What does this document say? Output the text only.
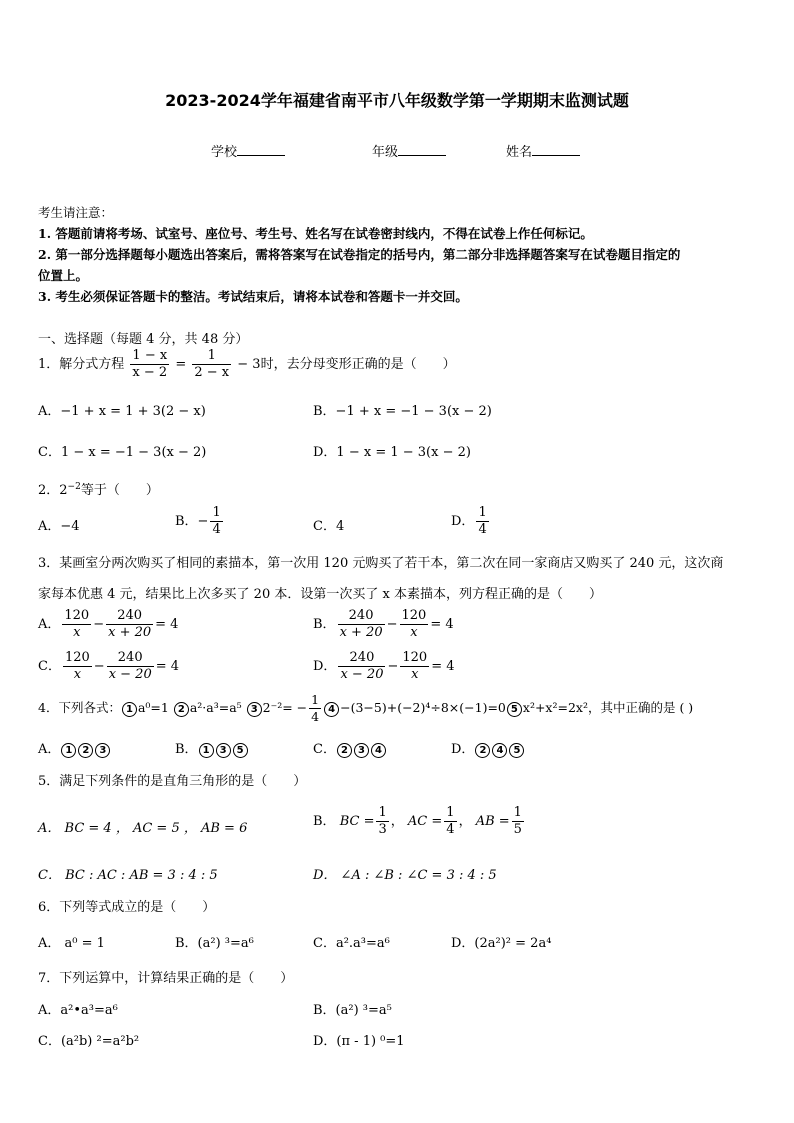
2023-2024学年福建省南平市八年级数学第一学期期末监测试题
学校	年级	姓名
考生请注意：
1. 答题前请将考场、试室号、座位号、考生号、姓名写在试卷密封线内，不得在试卷上作任何标记。
2. 第一部分选择题每小题选出答案后，需将答案写在试卷指定的括号内，第二部分非选择题答案写在试卷题目指定的
位置上。
3. 考生必须保证答题卡的整洁。考试结束后，请将本试卷和答题卡一并交回。
一、选择题（每题 4 分，共 48 分）
1．解分式方程 $\frac{1 - x}{x - 2} = \frac{1}{2 - x} - 3$时，去分母变形正确的是（　　）
A．−1 + x = 1 + 3(2 − x)	B．−1 + x = −1 − 3(x − 2)
C．1 − x = −1 − 3(x − 2)	D．1 − x = 1 − 3(x − 2)
2．$2^{-2}$等于（　　）
A．−4	B．− $\frac{1}{4}$	C．4	D． $\frac{1}{4}$
3．某画室分两次购买了相同的素描本，第一次用 120 元购买了若干本，第二次在同一家商店又购买了 240 元，这次商
家每本优惠 4 元，结果比上次多买了 20 本．设第一次买了 x 本素描本，列方程正确的是（　　）
A． $\frac{120}{x} - \frac{240}{x + 20} = 4$	B． $\frac{240}{x + 20} - \frac{120}{x} = 4$
C． $\frac{120}{x} - \frac{240}{x - 20} = 4$	D． $\frac{240}{x - 20} - \frac{120}{x} = 4$
4．下列各式： 1 a⁰=1 2 a²·a³=a⁵ 3 $2^{-2}= - \frac{1}{4} 4 -(3-5)+(-2)^4\div 8\times(-1)=0$ 5 x²+x²=2x²，其中正确的是 ( )
A． 1 2 3	B． 1 3 5	C． 2 3 4	D． 2 4 5
5．满足下列条件的是直角三角形的是（　　）
A． BC = 4 ， AC = 5 ， AB = 6	B． BC = $\frac{1}{3}$ ， AC = $\frac{1}{4}$ ， AB = $\frac{1}{5}$
C． BC : AC : AB = 3 : 4 : 5	D． ∠A : ∠B : ∠C = 3 : 4 : 5
6．下列等式成立的是（　　）
A． a⁰ = 1	B．(a²) ³=a⁶	C．a².a³=a⁶	D．(2a²)² = 2a⁴
7．下列运算中，计算结果正确的是（　　）
A．a²•a³=a⁶	B．(a²) ³=a⁵
C．(a²b) ²=a²b²	D．(π - 1) ⁰=1
